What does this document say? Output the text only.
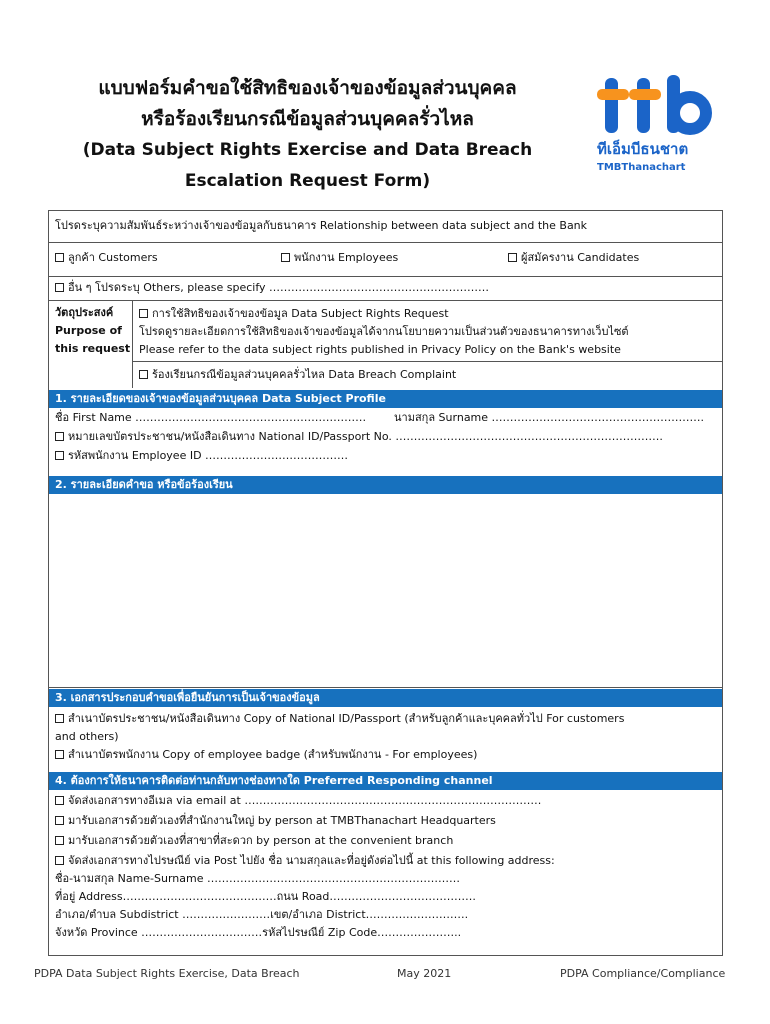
แบบฟอร์มคำขอใช้สิทธิของเจ้าของข้อมูลส่วนบุคคล
หรือร้องเรียนกรณีข้อมูลส่วนบุคคลรั่วไหล
(Data Subject Rights Exercise and Data Breach
Escalation Request Form)
ทีเอ็มบีธนชาต
TMBThanachart
โปรดระบุความสัมพันธ์ระหว่างเจ้าของข้อมูลกับธนาคาร Relationship between data subject and the Bank
ลูกค้า Customers	พนักงาน Employees	ผู้สมัครงาน Candidates
อื่น ๆ โปรดระบุ Others, please specify ……………………………………………………
วัตถุประสงค์
Purpose of
this request
การใช้สิทธิของเจ้าของข้อมูล Data Subject Rights Request
โปรดดูรายละเอียดการใช้สิทธิของเจ้าของข้อมูลได้จากนโยบายความเป็นส่วนตัวของธนาคารทางเว็บไซต์
Please refer to the data subject rights published in Privacy Policy on the Bank's website
ร้องเรียนกรณีข้อมูลส่วนบุคคลรั่วไหล Data Breach Complaint
1. รายละเอียดของเจ้าของข้อมูลส่วนบุคคล Data Subject Profile
ชื่อ First Name ………………………………………………………	นามสกุล Surname ………………………………………………….
หมายเลขบัตรประชาชน/หนังสือเดินทาง National ID/Passport No. ……………………………………………………………….
รหัสพนักงาน Employee ID …………………………………
2. รายละเอียดคำขอ หรือข้อร้องเรียน
3. เอกสารประกอบคำขอเพื่อยืนยันการเป็นเจ้าของข้อมูล
สำเนาบัตรประชาชน/หนังสือเดินทาง Copy of National ID/Passport (สำหรับลูกค้าและบุคคลทั่วไป For customers
and others)
สำเนาบัตรพนักงาน Copy of employee badge (สำหรับพนักงาน - For employees)
4. ต้องการให้ธนาคารติดต่อท่านกลับทางช่องทางใด Preferred Responding channel
จัดส่งเอกสารทางอีเมล via email at ………………………………………………………………………
มารับเอกสารด้วยตัวเองที่สำนักงานใหญ่ by person at TMBThanachart Headquarters
มารับเอกสารด้วยตัวเองที่สาขาที่สะดวก by person at the convenient branch
จัดส่งเอกสารทางไปรษณีย์ via Post ไปยัง ชื่อ นามสกุลและที่อยู่ดังต่อไปนี้ at this following address:
ชื่อ-นามสกุล Name-Surname ……………………………………………………………
ที่อยู่ Address……………………………………ถนน Road………………………………….
อำเภอ/ตำบล Subdistrict ……………………เขต/อำเภอ District……………………….
จังหวัด Province ……………………………รหัสไปรษณีย์ Zip Code…………………..
PDPA Data Subject Rights Exercise, Data Breach	May 2021	PDPA Compliance/Compliance
